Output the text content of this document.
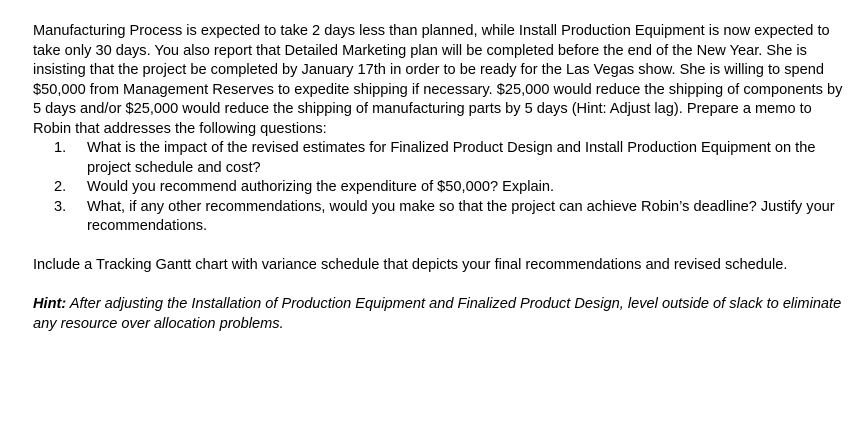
Manufacturing Process is expected to take 2 days less than planned, while Install Production Equipment is now expected to take only 30 days. You also report that Detailed Marketing plan will be completed before the end of the New Year. She is insisting that the project be completed by January 17th in order to be ready for the Las Vegas show. She is willing to spend $50,000 from Management Reserves to expedite shipping if necessary. $25,000 would reduce the shipping of components by 5 days and/or $25,000 would reduce the shipping of manufacturing parts by 5 days (Hint: Adjust lag). Prepare a memo to Robin that addresses the following questions:

1. What is the impact of the revised estimates for Finalized Product Design and Install Production Equipment on the project schedule and cost?
2. Would you recommend authorizing the expenditure of $50,000? Explain.
3. What, if any other recommendations, would you make so that the project can achieve Robin’s deadline? Justify your recommendations.

Include a Tracking Gantt chart with variance schedule that depicts your final recommendations and revised schedule.

Hint: After adjusting the Installation of Production Equipment and Finalized Product Design, level outside of slack to eliminate any resource over allocation problems.
